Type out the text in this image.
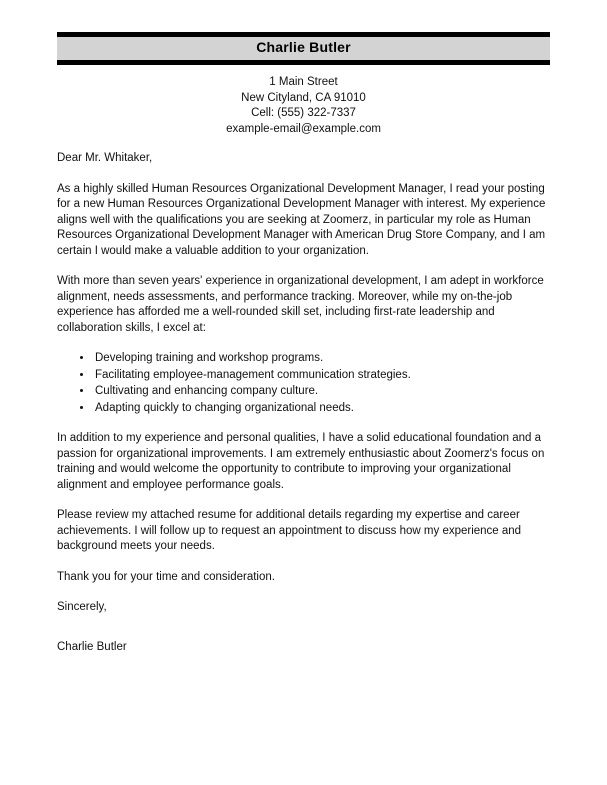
Charlie Butler
1 Main Street
New Cityland, CA 91010
Cell: (555) 322-7337
example-email@example.com

Dear Mr. Whitaker,

As a highly skilled Human Resources Organizational Development Manager, I read your posting for a new Human Resources Organizational Development Manager with interest. My experience aligns well with the qualifications you are seeking at Zoomerz, in particular my role as Human Resources Organizational Development Manager with American Drug Store Company, and I am certain I would make a valuable addition to your organization.

With more than seven years' experience in organizational development, I am adept in workforce alignment, needs assessments, and performance tracking. Moreover, while my on-the-job experience has afforded me a well-rounded skill set, including first-rate leadership and collaboration skills, I excel at:

• Developing training and workshop programs.
• Facilitating employee-management communication strategies.
• Cultivating and enhancing company culture.
• Adapting quickly to changing organizational needs.

In addition to my experience and personal qualities, I have a solid educational foundation and a passion for organizational improvements. I am extremely enthusiastic about Zoomerz's focus on training and would welcome the opportunity to contribute to improving your organizational alignment and employee performance goals.

Please review my attached resume for additional details regarding my expertise and career achievements. I will follow up to request an appointment to discuss how my experience and background meets your needs.

Thank you for your time and consideration.

Sincerely,

Charlie Butler
